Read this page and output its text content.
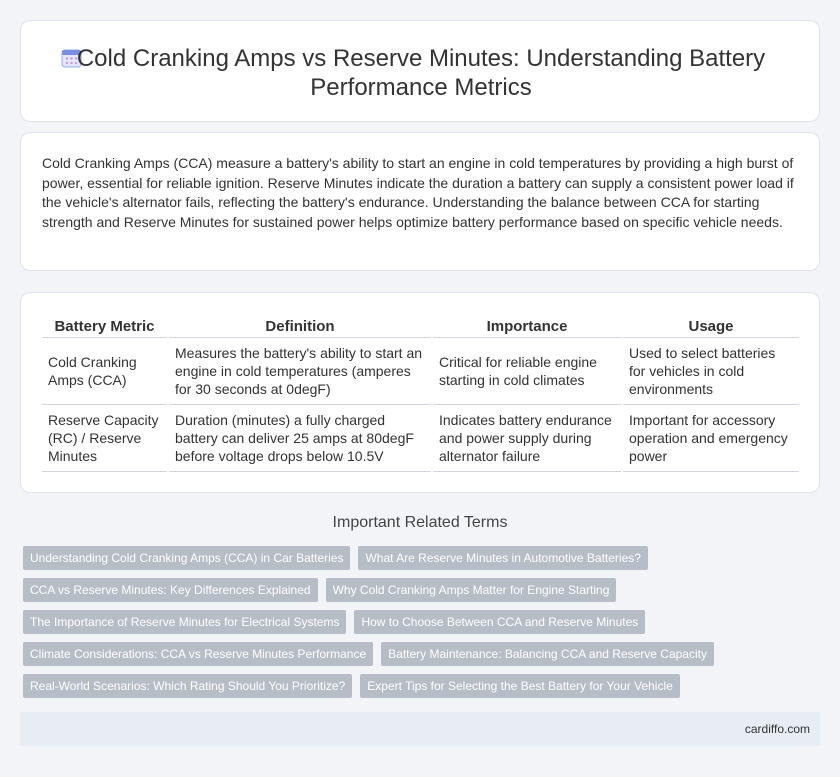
Cold Cranking Amps vs Reserve Minutes: Understanding Battery
Performance Metrics

Cold Cranking Amps (CCA) measure a battery's ability to start an engine in cold temperatures by providing a high burst of power, essential for reliable ignition. Reserve Minutes indicate the duration a battery can supply a consistent power load if the vehicle's alternator fails, reflecting the battery's endurance. Understanding the balance between CCA for starting strength and Reserve Minutes for sustained power helps optimize battery performance based on specific vehicle needs.

Battery Metric	Definition	Importance	Usage
Cold Cranking Amps (CCA)	Measures the battery's ability to start an engine in cold temperatures (amperes for 30 seconds at 0degF)	Critical for reliable engine starting in cold climates	Used to select batteries for vehicles in cold environments
Reserve Capacity (RC) / Reserve Minutes	Duration (minutes) a fully charged battery can deliver 25 amps at 80degF before voltage drops below 10.5V	Indicates battery endurance and power supply during alternator failure	Important for accessory operation and emergency power
Important Related Terms
Understanding Cold Cranking Amps (CCA) in Car Batteries	What Are Reserve Minutes in Automotive Batteries?
CCA vs Reserve Minutes: Key Differences Explained	Why Cold Cranking Amps Matter for Engine Starting
The Importance of Reserve Minutes for Electrical Systems	How to Choose Between CCA and Reserve Minutes
Climate Considerations: CCA vs Reserve Minutes Performance	Battery Maintenance: Balancing CCA and Reserve Capacity
Real-World Scenarios: Which Rating Should You Prioritize?	Expert Tips for Selecting the Best Battery for Your Vehicle
cardiffo.com
